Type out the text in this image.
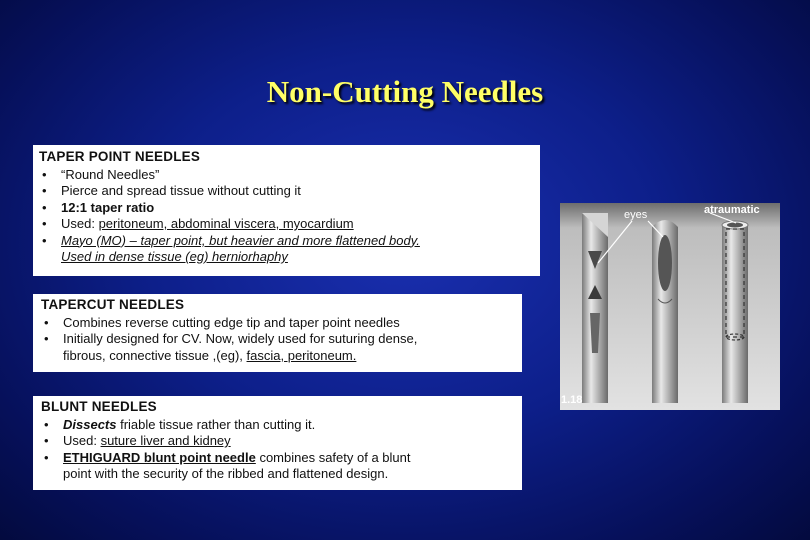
Non-Cutting Needles
TAPER POINT NEEDLES
• “Round Needles”
• Pierce and spread tissue without cutting it
• 12:1 taper ratio
• Used: peritoneum, abdominal viscera, myocardium
• Mayo (MO) – taper point, but heavier and more flattened body.
Used in dense tissue (eg) herniorhaphy
TAPERCUT NEEDLES
• Combines reverse cutting edge tip and taper point needles
• Initially designed for CV. Now, widely used for suturing dense,
fibrous, connective tissue ,(eg), fascia, peritoneum.
BLUNT NEEDLES
• Dissects friable tissue rather than cutting it.
• Used: suture liver and kidney
• ETHIGUARD blunt point needle combines safety of a blunt
point with the security of the ribbed and flattened design.
eyes	atraumatic
1.18
